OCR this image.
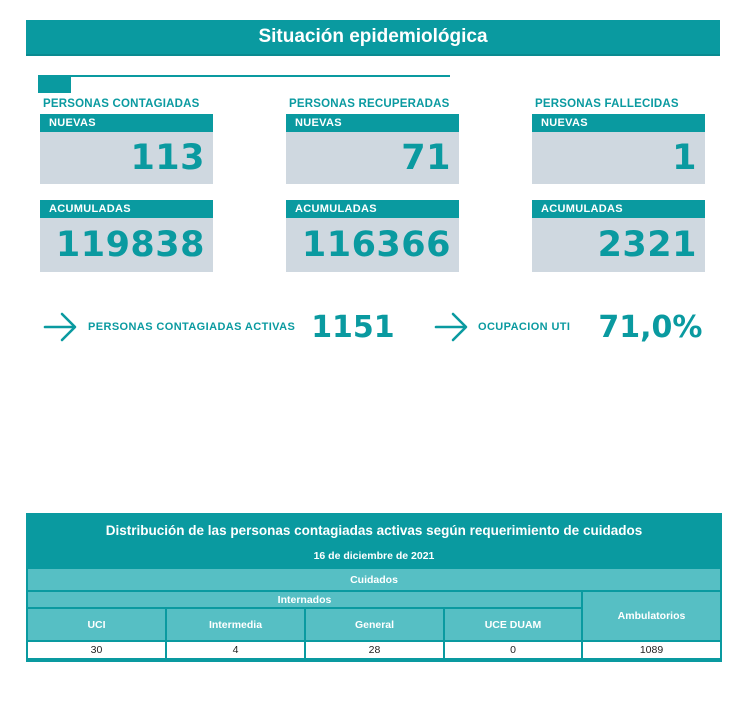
Situación epidemiológica
PERSONAS CONTAGIADAS
NUEVAS
113
ACUMULADAS
119838
PERSONAS RECUPERADAS
NUEVAS
71
ACUMULADAS
116366
PERSONAS FALLECIDAS
NUEVAS
1
ACUMULADAS
2321
PERSONAS CONTAGIADAS ACTIVAS 1151	OCUPACION UTI 71,0%
Distribución de las personas contagiadas activas según requerimiento de cuidados
16 de diciembre de 2021
Cuidados
Internados
UCI	Intermedia	General	UCE DUAM
Ambulatorios
30	4	28	0	1089
